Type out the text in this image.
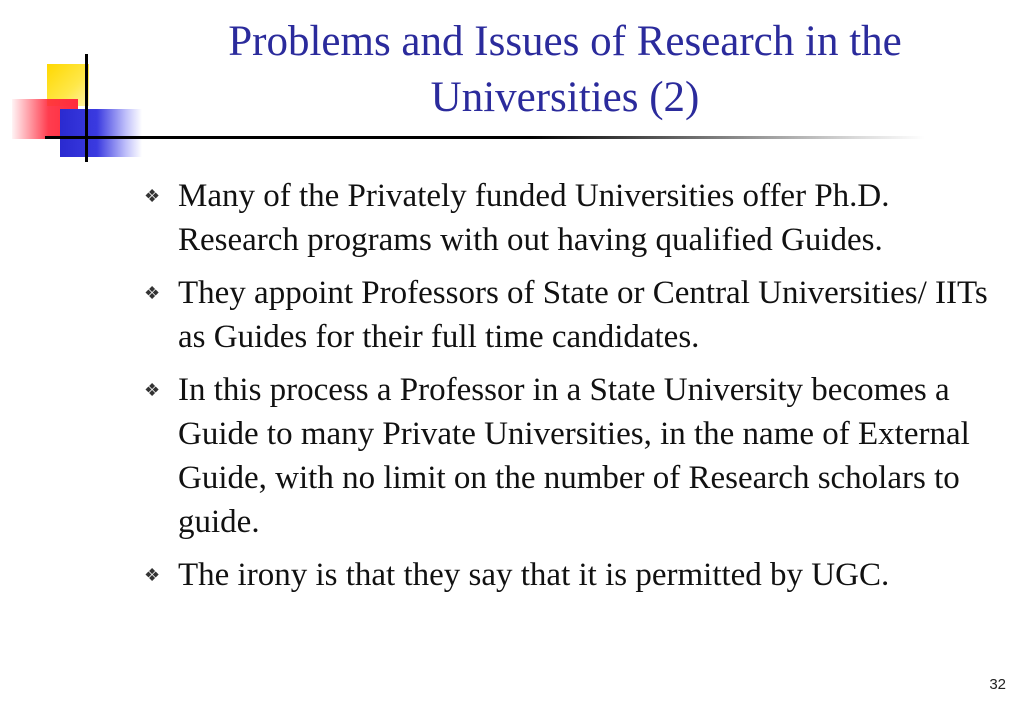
Problems and Issues of Research in the Universities (2)
❖ Many of the Privately funded Universities offer Ph.D. Research programs with out having qualified Guides.
❖ They appoint Professors of State or Central Universities/ IITs as Guides for their full time candidates.
❖ In this process a Professor in a State University becomes a Guide to many Private Universities, in the name of External Guide, with no limit on the number of Research scholars to guide.
❖ The irony is that they say that it is permitted by UGC.
32
